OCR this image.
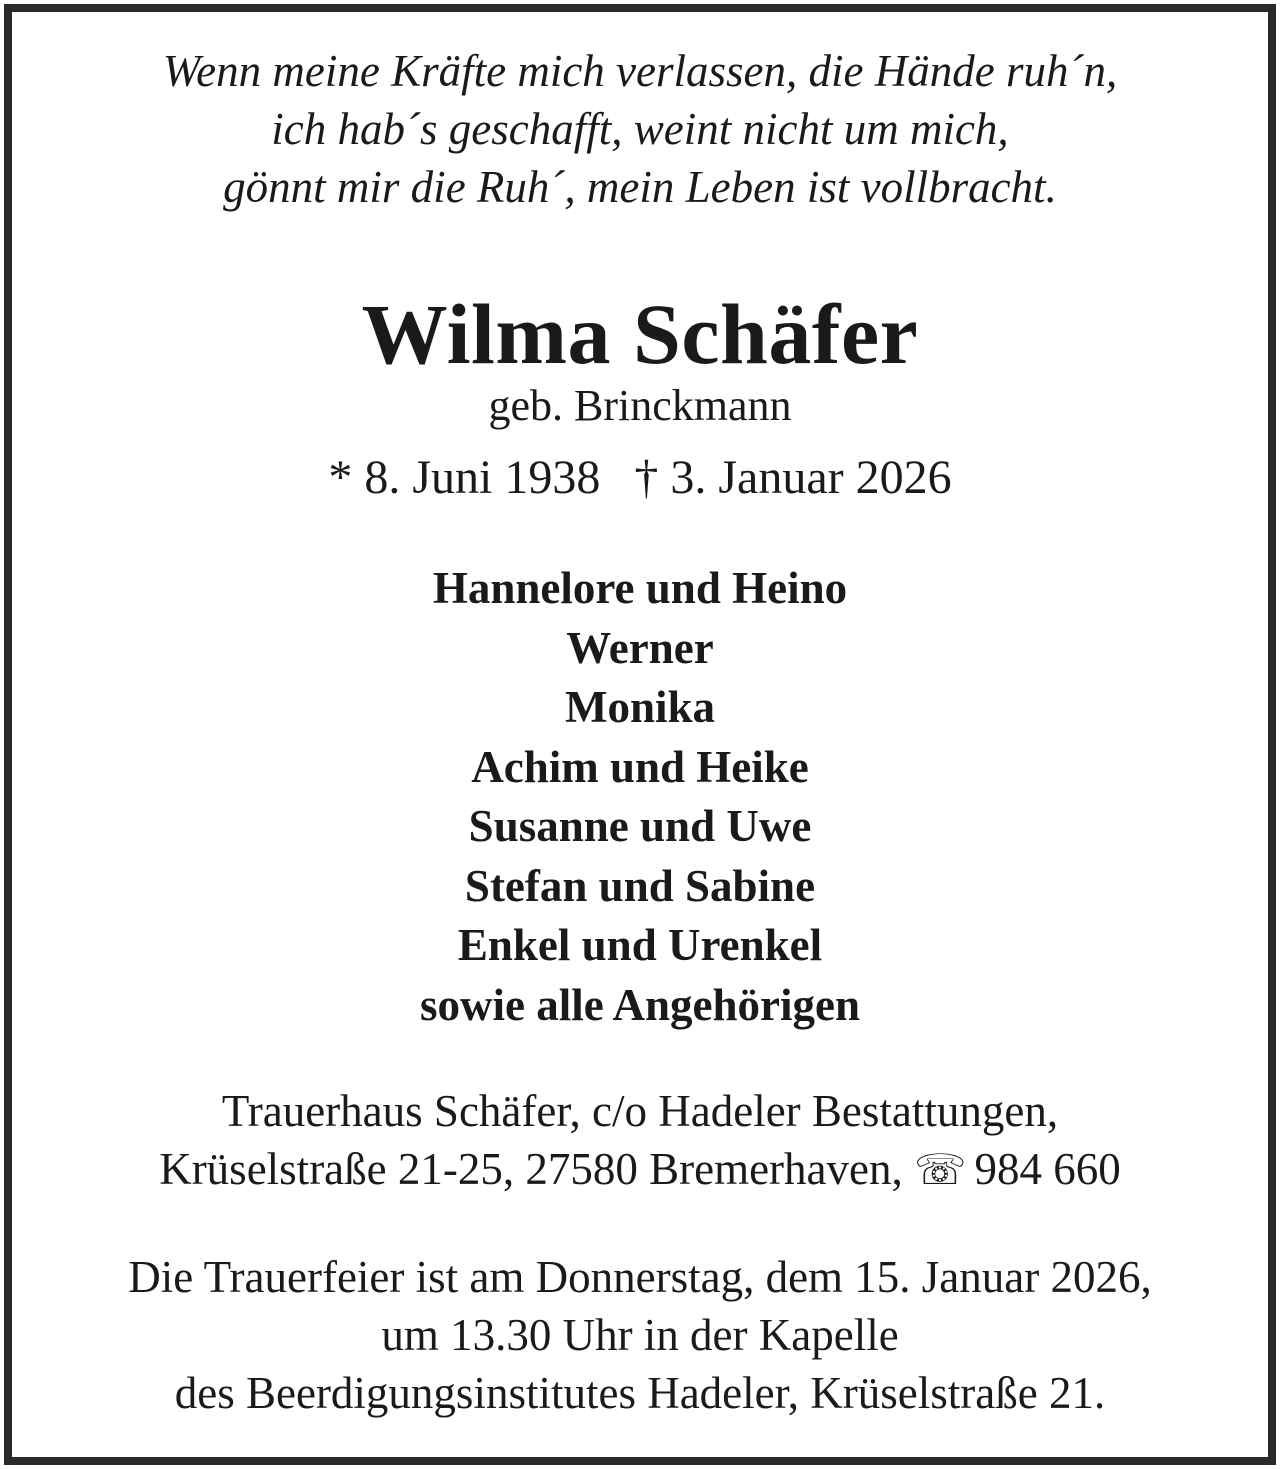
Wenn meine Kräfte mich verlassen, die Hände ruh´n,
ich hab´s geschafft, weint nicht um mich,
gönnt mir die Ruh´, mein Leben ist vollbracht.
Wilma Schäfer
geb. Brinckmann
* 8. Juni 1938 † 3. Januar 2026
Hannelore und Heino
Werner
Monika
Achim und Heike
Susanne und Uwe
Stefan und Sabine
Enkel und Urenkel
sowie alle Angehörigen
Trauerhaus Schäfer, c/o Hadeler Bestattungen,
Krüselstraße 21-25, 27580 Bremerhaven, ☏ 984 660
Die Trauerfeier ist am Donnerstag, dem 15. Januar 2026,
um 13.30 Uhr in der Kapelle
des Beerdigungsinstitutes Hadeler, Krüselstraße 21.
